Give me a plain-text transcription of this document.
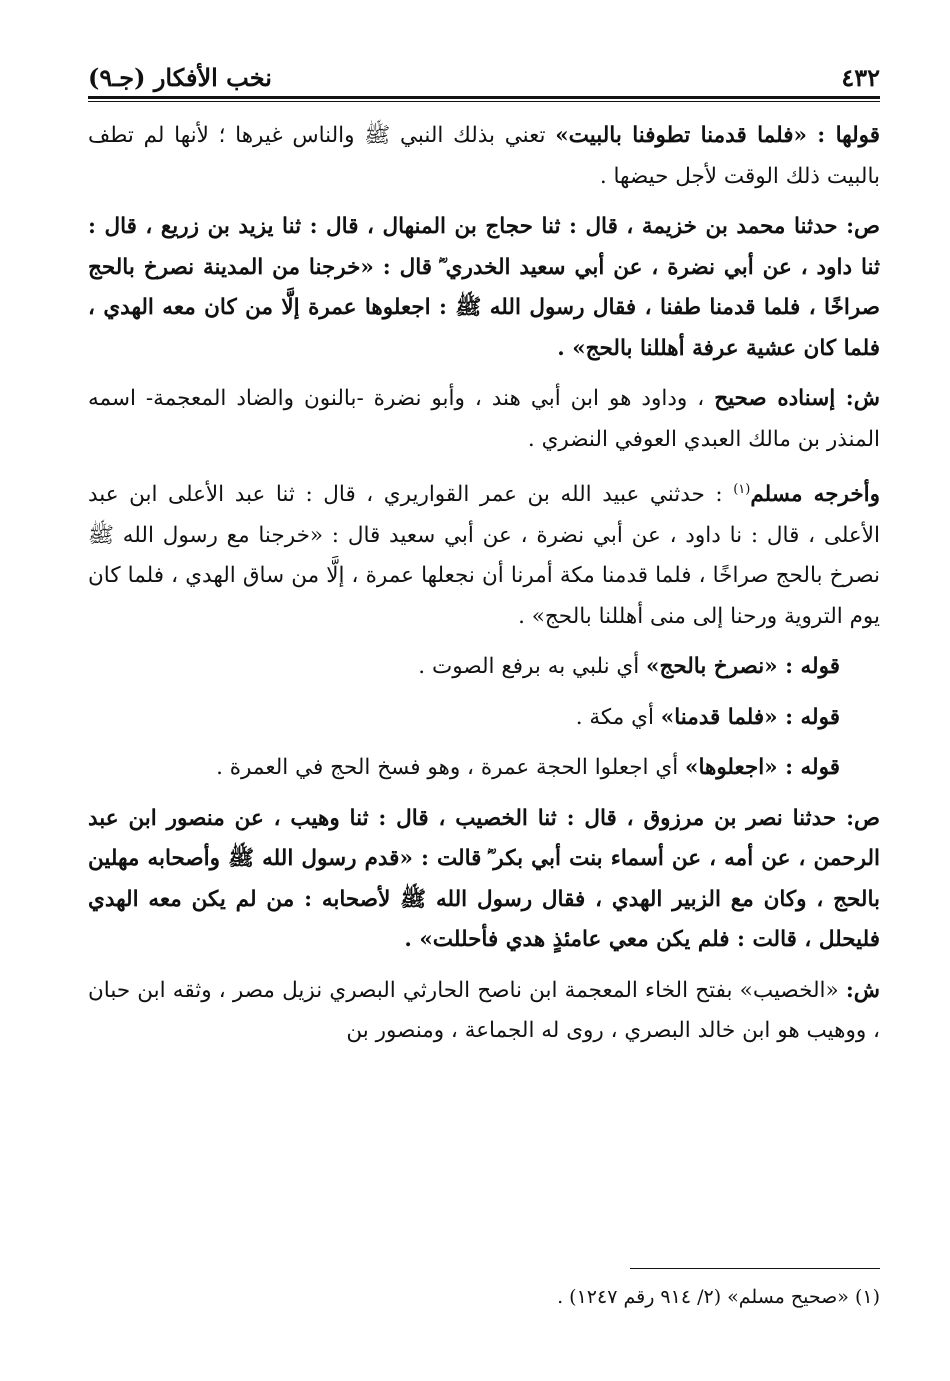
٤٣٢
نخب الأفكار (جـ٩)

قولها : «فلما قدمنا تطوفنا بالبيت» تعني بذلك النبي ﷺ والناس غيرها ؛ لأنها لم تطف بالبيت ذلك الوقت لأجل حيضها .

ص: حدثنا محمد بن خزيمة ، قال : ثنا حجاج بن المنهال ، قال : ثنا يزيد بن زريع ، قال : ثنا داود ، عن أبي نضرة ، عن أبي سعيد الخدري ؓ قال : «خرجنا من المدينة نصرخ بالحج صراخًا ، فلما قدمنا طفنا ، فقال رسول الله ﷺ : اجعلوها عمرة إلَّا من كان معه الهدي ، فلما كان عشية عرفة أهللنا بالحج» .

ش: إسناده صحيح ، وداود هو ابن أبي هند ، وأبو نضرة -بالنون والضاد المعجمة- اسمه المنذر بن مالك العبدي العوفي النضري .

وأخرجه مسلم$^{(١)}$ : حدثني عبيد الله بن عمر القواريري ، قال : ثنا عبد الأعلى ابن عبد الأعلى ، قال : نا داود ، عن أبي نضرة ، عن أبي سعيد قال : «خرجنا مع رسول الله ﷺ نصرخ بالحج صراخًا ، فلما قدمنا مكة أمرنا أن نجعلها عمرة ، إلَّا من ساق الهدي ، فلما كان يوم التروية ورحنا إلى منى أهللنا بالحج» .

قوله : «نصرخ بالحج» أي نلبي به برفع الصوت .

قوله : «فلما قدمنا» أي مكة .

قوله : «اجعلوها» أي اجعلوا الحجة عمرة ، وهو فسخ الحج في العمرة .

ص: حدثنا نصر بن مرزوق ، قال : ثنا الخصيب ، قال : ثنا وهيب ، عن منصور ابن عبد الرحمن ، عن أمه ، عن أسماء بنت أبي بكر ؓ قالت : «قدم رسول الله ﷺ وأصحابه مهلين بالحج ، وكان مع الزبير الهدي ، فقال رسول الله ﷺ لأصحابه : من لم يكن معه الهدي فليحلل ، قالت : فلم يكن معي عامئذٍ هدي فأحللت» .

ش: «الخصيب» بفتح الخاء المعجمة ابن ناصح الحارثي البصري نزيل مصر ، وثقه ابن حبان ، ووهيب هو ابن خالد البصري ، روى له الجماعة ، ومنصور بن

(١) «صحيح مسلم» (٢/ ٩١٤ رقم ١٢٤٧) .
